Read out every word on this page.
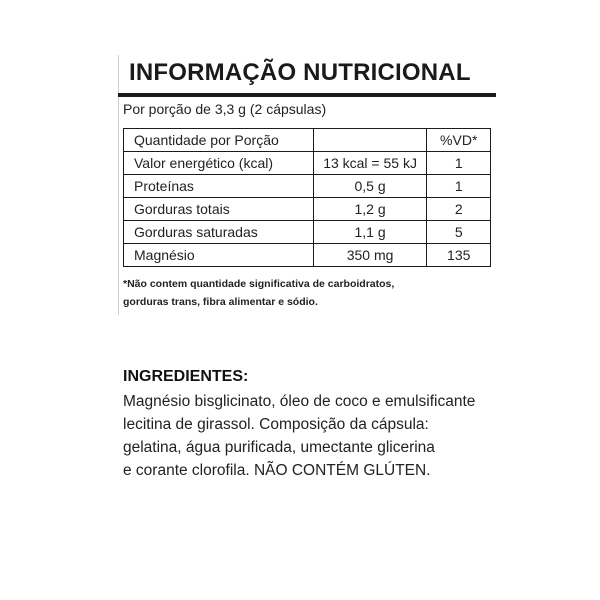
INFORMAÇÃO NUTRICIONAL
Por porção de 3,3 g (2 cápsulas)
Quantidade por Porção		%VD*
Valor energético (kcal)	13 kcal = 55 kJ	1
Proteínas	0,5 g	1
Gorduras totais	1,2 g	2
Gorduras saturadas	1,1 g	5
Magnésio	350 mg	135
*Não contem quantidade significativa de carboidratos,
gorduras trans, fibra alimentar e sódio.
INGREDIENTES:
Magnésio bisglicinato, óleo de coco e emulsificante
lecitina de girassol. Composição da cápsula:
gelatina, água purificada, umectante glicerina
e corante clorofila. NÃO CONTÉM GLÚTEN.
